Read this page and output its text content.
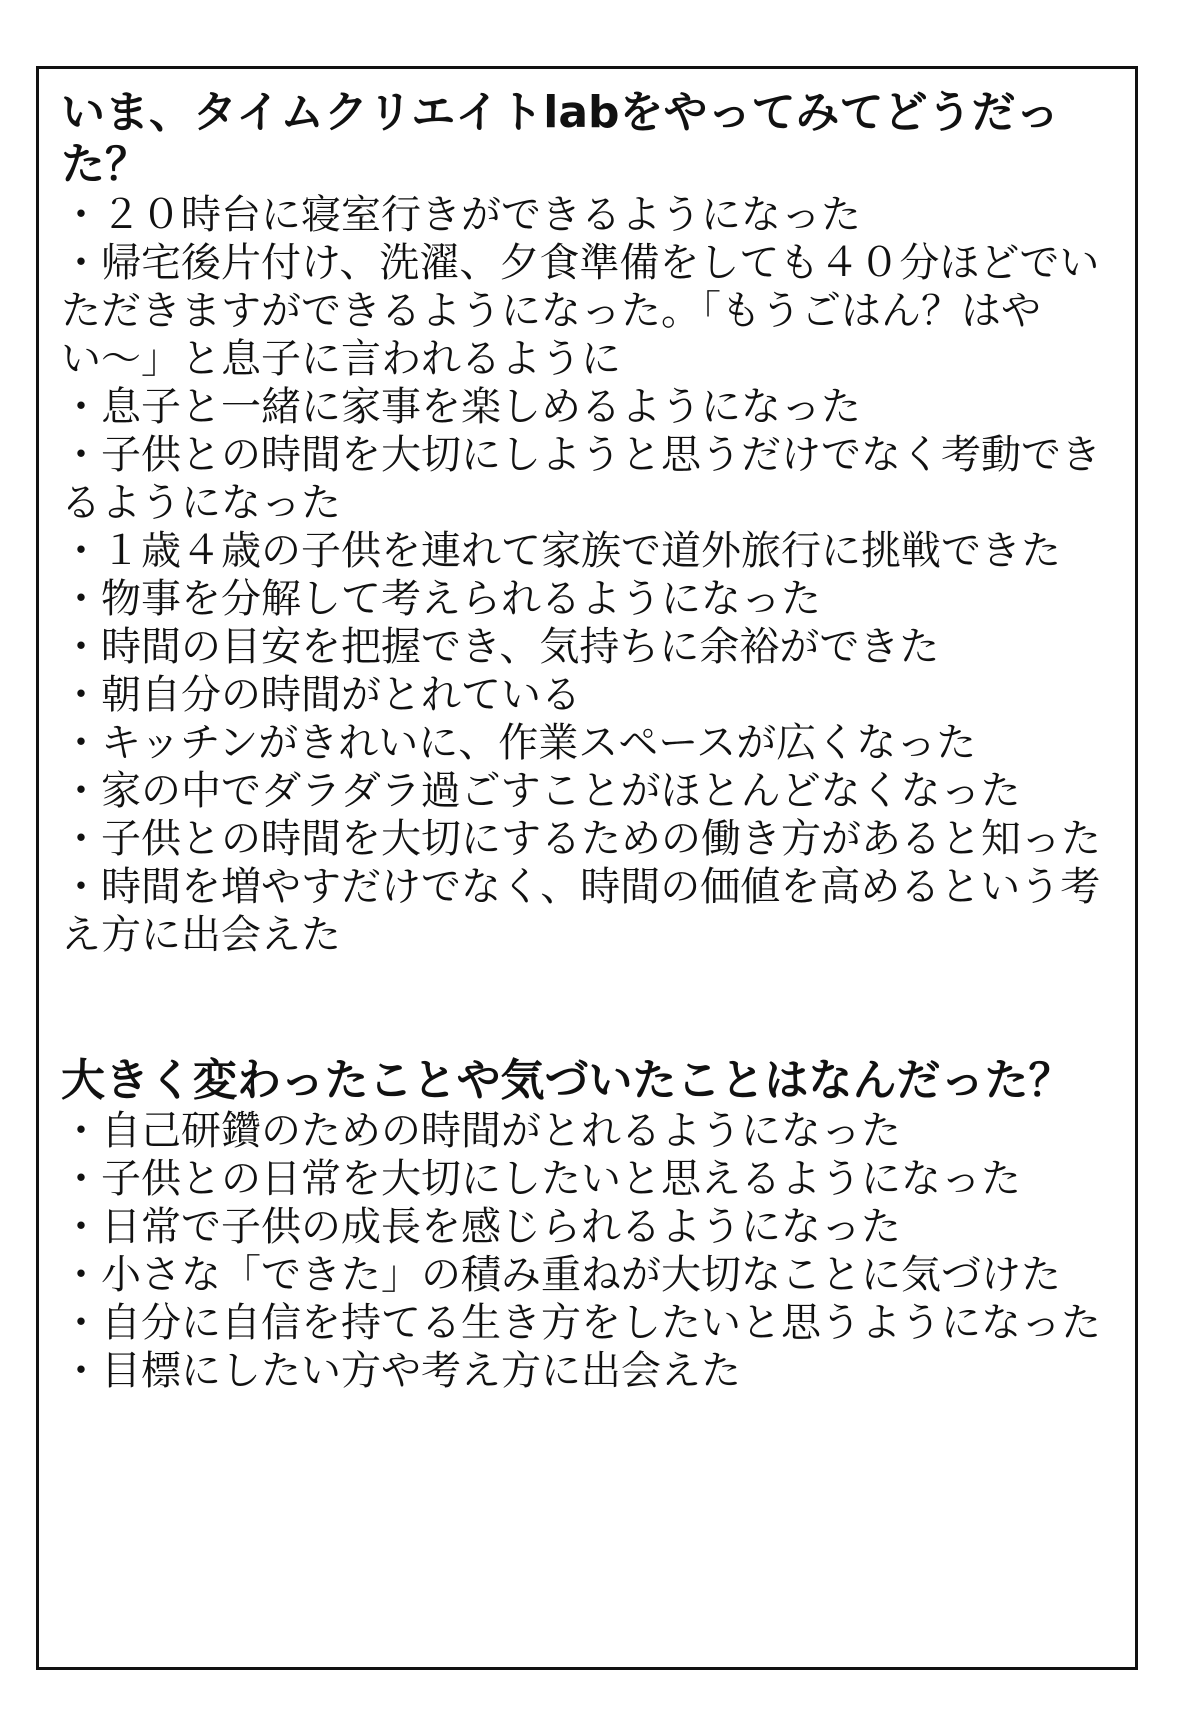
いま、タイムクリエイトlabをやってみてどうだった？
・２０時台に寝室行きができるようになった
・帰宅後片付け、洗濯、夕食準備をしても４０分ほどでいただきますができるようになった。「もうごはん？はやい〜」と息子に言われるように
・息子と一緒に家事を楽しめるようになった
・子供との時間を大切にしようと思うだけでなく考動できるようになった
・１歳４歳の子供を連れて家族で道外旅行に挑戦できた
・物事を分解して考えられるようになった
・時間の目安を把握でき、気持ちに余裕ができた
・朝自分の時間がとれている
・キッチンがきれいに、作業スペースが広くなった
・家の中でダラダラ過ごすことがほとんどなくなった
・子供との時間を大切にするための働き方があると知った
・時間を増やすだけでなく、時間の価値を高めるという考え方に出会えた
大きく変わったことや気づいたことはなんだった？
・自己研鑽のための時間がとれるようになった
・子供との日常を大切にしたいと思えるようになった
・日常で子供の成長を感じられるようになった
・小さな「できた」の積み重ねが大切なことに気づけた
・自分に自信を持てる生き方をしたいと思うようになった
・目標にしたい方や考え方に出会えた
